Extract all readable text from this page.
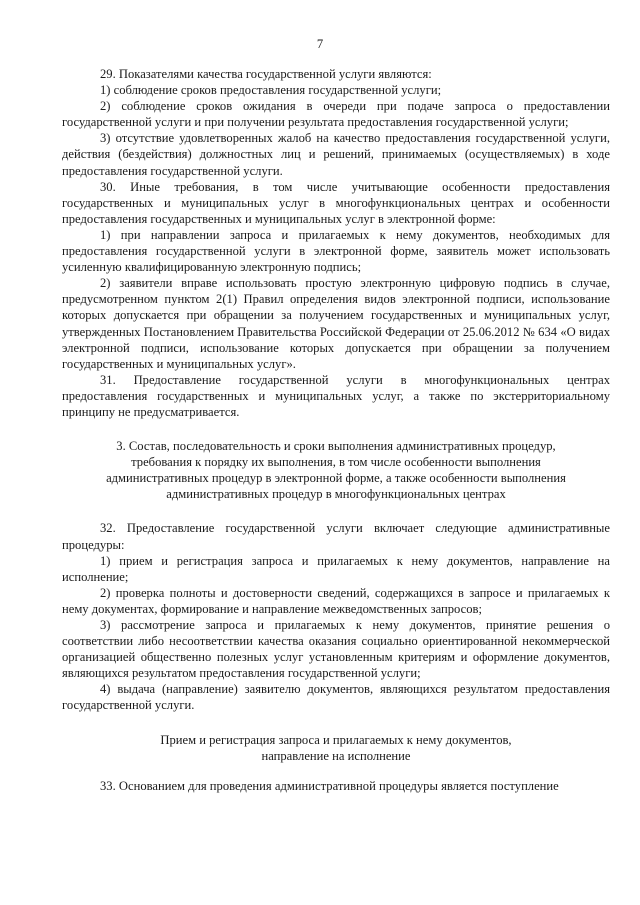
7

29. Показателями качества государственной услуги являются:

1) соблюдение сроков предоставления государственной услуги;

2) соблюдение сроков ожидания в очереди при подаче запроса о предоставлении государственной услуги и при получении результата предоставления государственной услуги;

3) отсутствие удовлетворенных жалоб на качество предоставления государственной услуги, действия (бездействия) должностных лиц и решений, принимаемых (осуществляемых) в ходе предоставления государственной услуги.

30. Иные требования, в том числе учитывающие особенности предоставления государственных и муниципальных услуг в многофункциональных центрах и особенности предоставления государственных и муниципальных услуг в электронной форме:

1) при направлении запроса и прилагаемых к нему документов, необходимых для предоставления государственной услуги в электронной форме, заявитель может использовать усиленную квалифицированную электронную подпись;

2) заявители вправе использовать простую электронную цифровую подпись в случае, предусмотренном пунктом 2(1) Правил определения видов электронной подписи, использование которых допускается при обращении за получением государственных и муниципальных услуг, утвержденных Постановлением Правительства Российской Федерации от 25.06.2012 № 634 «О видах электронной подписи, использование которых допускается при обращении за получением государственных и муниципальных услуг».

31. Предоставление государственной услуги в многофункциональных центрах предоставления государственных и муниципальных услуг, а также по экстерриториальному принципу не предусматривается.

3. Состав, последовательность и сроки выполнения административных процедур,

требования к порядку их выполнения, в том числе особенности выполнения

административных процедур в электронной форме, а также особенности выполнения

административных процедур в многофункциональных центрах

32. Предоставление государственной услуги включает следующие административные процедуры:

1) прием и регистрация запроса и прилагаемых к нему документов, направление на исполнение;

2) проверка полноты и достоверности сведений, содержащихся в запросе и прилагаемых к нему документах, формирование и направление межведомственных запросов;

3) рассмотрение запроса и прилагаемых к нему документов, принятие решения о соответствии либо несоответствии качества оказания социально ориентированной некоммерческой организацией общественно полезных услуг установленным критериям и оформление документов, являющихся результатом предоставления государственной услуги;

4) выдача (направление) заявителю документов, являющихся результатом предоставления государственной услуги.

Прием и регистрация запроса и прилагаемых к нему документов,

направление на исполнение

33. Основанием для проведения административной процедуры является поступление
